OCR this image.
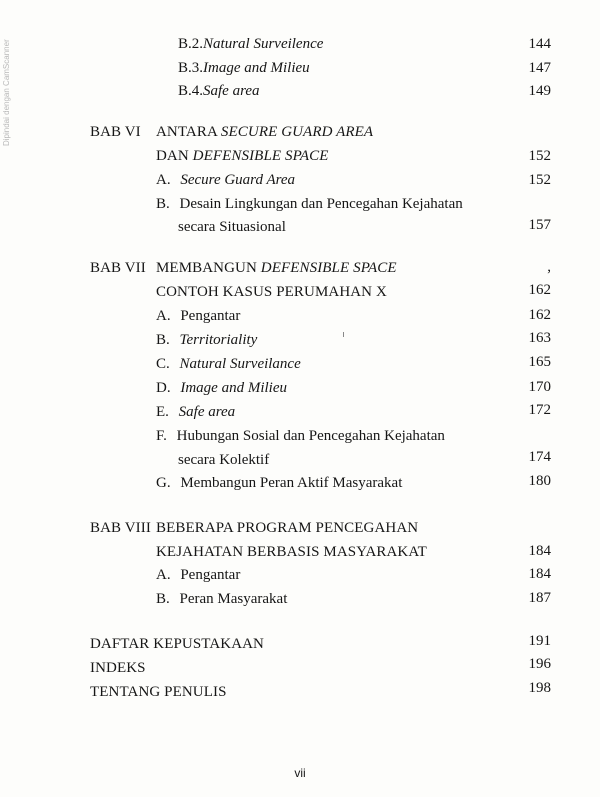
Dipindai dengan CamScanner	B.2.Natural Surveilence	144
B.3.Image and Milieu	147
B.4.Safe area	149
BAB VI ANTARA SECURE GUARD AREA
DAN DEFENSIBLE SPACE	152
A. Secure Guard Area	152
B. Desain Lingkungan dan Pencegahan Kejahatan
secara Situasional	157
BAB VII MEMBANGUN DEFENSIBLE SPACE	,
CONTOH KASUS PERUMAHAN X	162
A. Pengantar	162
B. Territoriality	163
C. Natural Surveilance	165
D. Image and Milieu	170
E. Safe area	172
F. Hubungan Sosial dan Pencegahan Kejahatan
secara Kolektif	174
G. Membangun Peran Aktif Masyarakat	180
BAB VIII BEBERAPA PROGRAM PENCEGAHAN
KEJAHATAN BERBASIS MASYARAKAT	184
A. Pengantar	184
B. Peran Masyarakat	187
DAFTAR KEPUSTAKAAN	191
INDEKS	196
TENTANG PENULIS	198
vii
